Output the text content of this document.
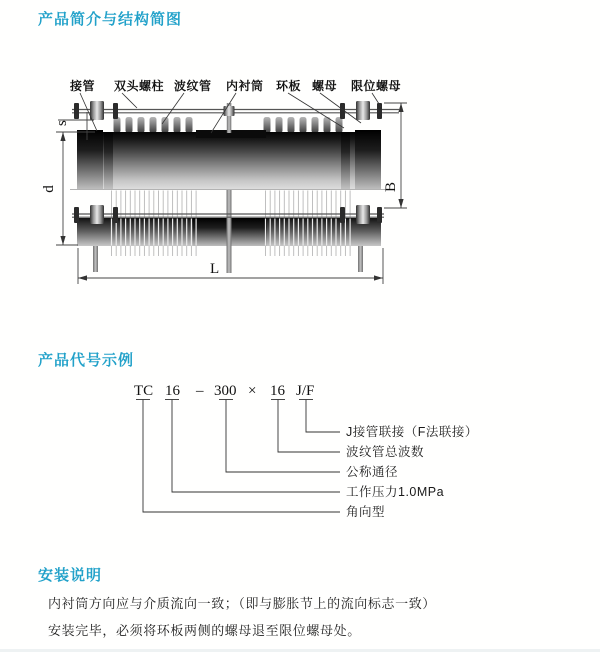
产品简介与结构简图
s
d	B
L
接管 双头螺柱 波纹管 内衬筒 环板 螺母 限位螺母
产品代号示例
TC 16 – 300 × 16 J/F
J接管联接（F法联接）
波纹管总波数
公称通径
工作压力1.0MPa
角向型
安装说明
内衬筒方向应与介质流向一致；（即与膨胀节上的流向标志一致）
安装完毕，必须将环板两侧的螺母退至限位螺母处。
